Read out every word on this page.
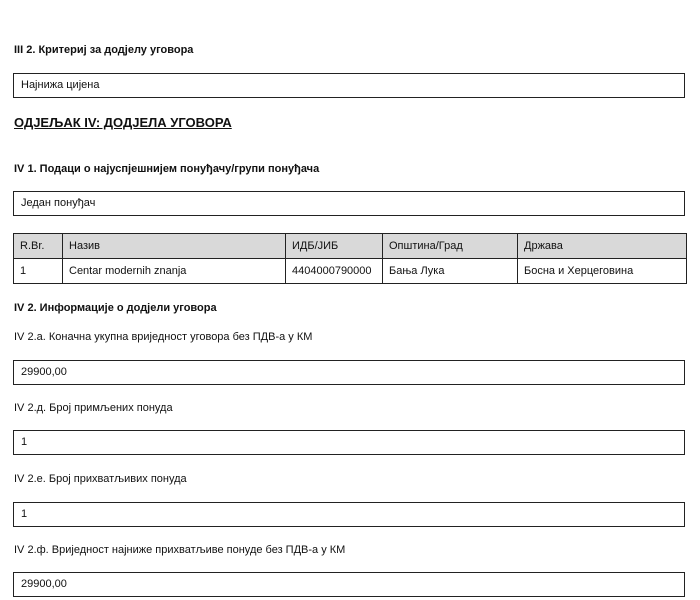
III 2. Критериј за додјелу уговора
Најнижа цијена
ОДЈЕЉАК IV: ДОДЈЕЛА УГОВОРА
IV 1. Подаци о најуспјешнијем понуђачу/групи понуђача
Један понуђач
R.Br.	Назив	ИДБ/ЈИБ	Општина/Град	Држава
1	Centar modernih znanja	4404000790000	Бања Лука	Босна и Херцеговина
IV 2. Информације о додјели уговора
IV 2.а. Коначна укупна вриједност уговора без ПДВ-а у КМ
29900,00
IV 2.д. Број примљених понуда
1
IV 2.е. Број прихватљивих понуда
1
IV 2.ф. Вриједност најниже прихватљиве понуде без ПДВ-а у КМ
29900,00
